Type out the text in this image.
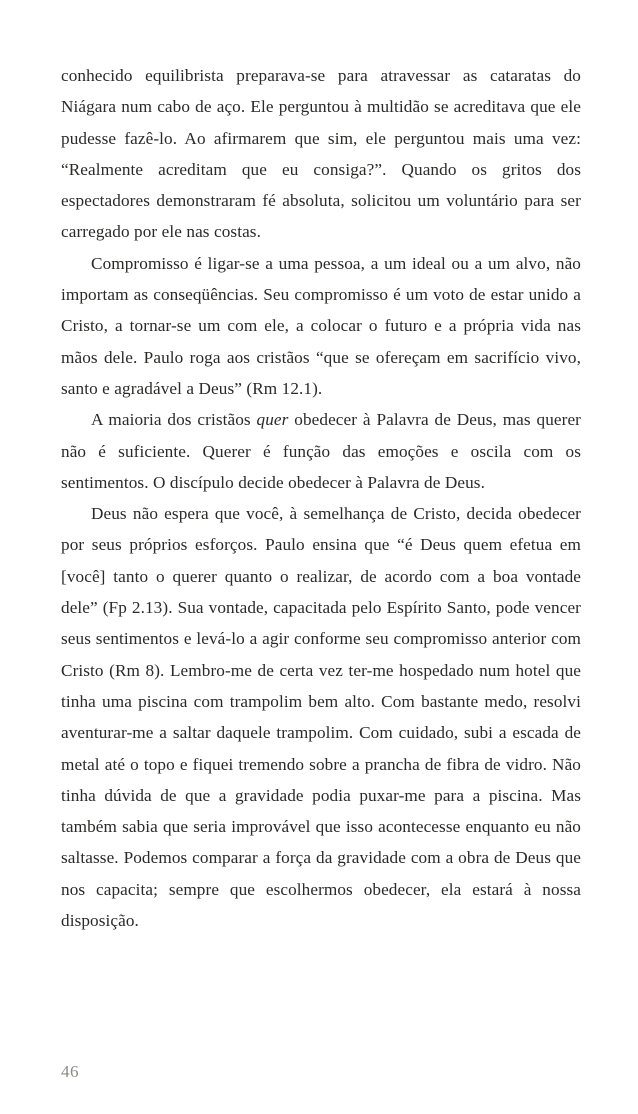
conhecido equilibrista preparava-se para atravessar as cataratas do Niágara num cabo de aço. Ele perguntou à multidão se acreditava que ele pudesse fazê-lo. Ao afirmarem que sim, ele perguntou mais uma vez: “Realmente acreditam que eu consiga?”. Quando os gritos dos espectadores demonstraram fé absoluta, solicitou um voluntário para ser carregado por ele nas costas.

Compromisso é ligar-se a uma pessoa, a um ideal ou a um alvo, não importam as conseqüências. Seu compromisso é um voto de estar unido a Cristo, a tornar-se um com ele, a colocar o futuro e a própria vida nas mãos dele. Paulo roga aos cristãos “que se ofereçam em sacrifício vivo, santo e agradável a Deus” (Rm 12.1).

A maioria dos cristãos quer obedecer à Palavra de Deus, mas querer não é suficiente. Querer é função das emoções e oscila com os sentimentos. O discípulo decide obedecer à Palavra de Deus.

Deus não espera que você, à semelhança de Cristo, decida obedecer por seus próprios esforços. Paulo ensina que “é Deus quem efetua em [você] tanto o querer quanto o realizar, de acordo com a boa vontade dele” (Fp 2.13). Sua vontade, capacitada pelo Espírito Santo, pode vencer seus sentimentos e levá-lo a agir conforme seu compromisso anterior com Cristo (Rm 8). Lembro-me de certa vez ter-me hospedado num hotel que tinha uma piscina com trampolim bem alto. Com bastante medo, resolvi aventurar-me a saltar daquele trampolim. Com cuidado, subi a escada de metal até o topo e fiquei tremendo sobre a prancha de fibra de vidro. Não tinha dúvida de que a gravidade podia puxar-me para a piscina. Mas também sabia que seria improvável que isso acontecesse enquanto eu não saltasse. Podemos comparar a força da gravidade com a obra de Deus que nos capacita; sempre que escolhermos obedecer, ela estará à nossa disposição.

46
